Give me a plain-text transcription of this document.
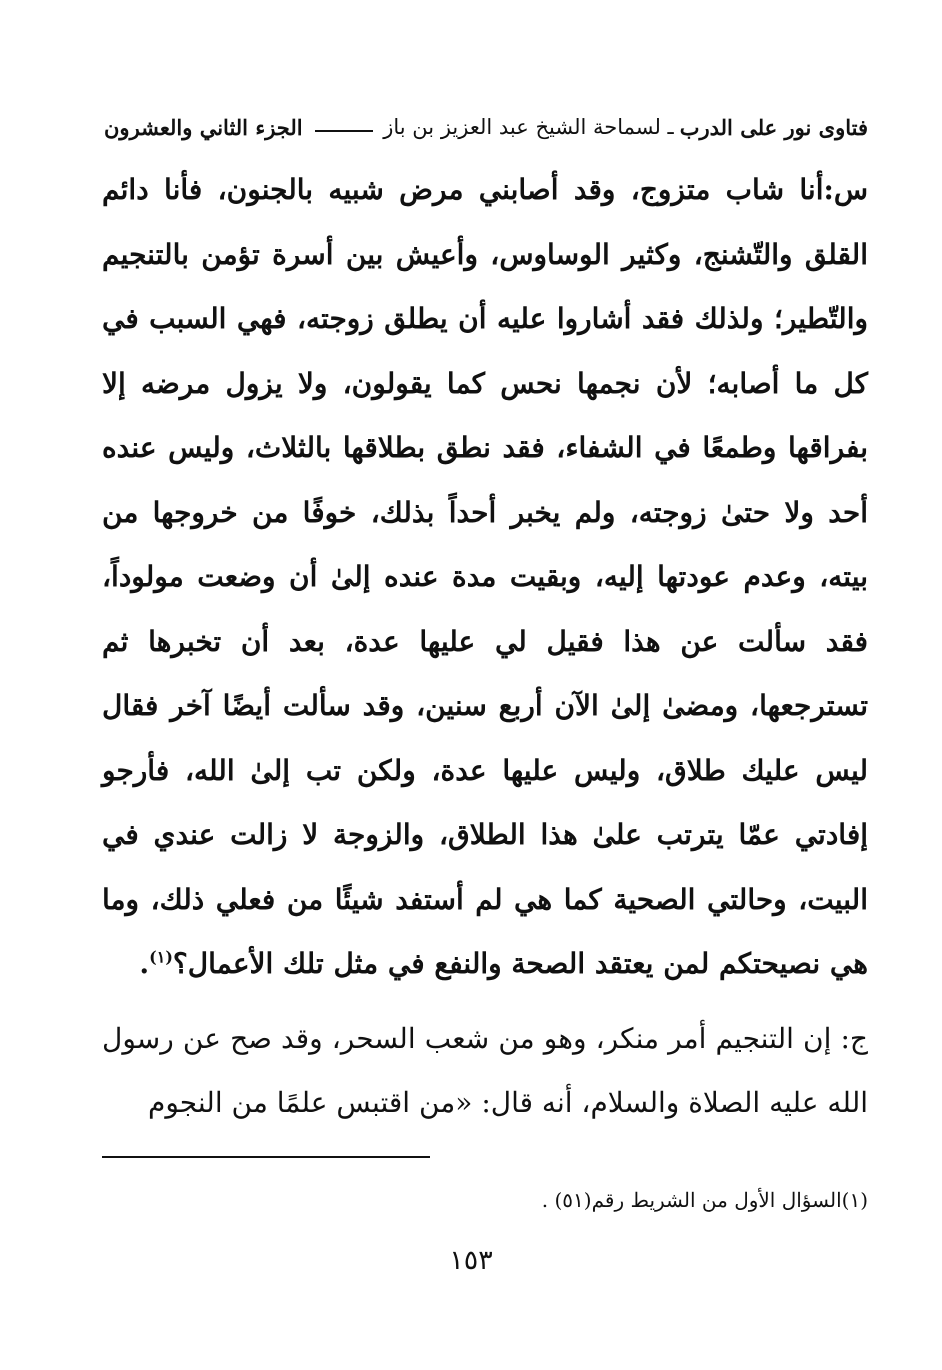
فتاوى نور على الدرب
ـ لسماحة الشيخ عبد العزيز بن باز
الجزء الثاني والعشرون

س:أنا شاب متزوج، وقد أصابني مرض شبيه بالجنون، فأنا دائم القلق والتّشنج، وكثير الوساوس، وأعيش بين أسرة تؤمن بالتنجيم والتّطير؛ ولذلك فقد أشاروا عليه أن يطلق زوجته، فهي السبب في كل ما أصابه؛ لأن نجمها نحس كما يقولون، ولا يزول مرضه إلا بفراقها وطمعًا في الشفاء، فقد نطق بطلاقها بالثلاث، وليس عنده أحد ولا حتىٰ زوجته، ولم يخبر أحداً بذلك، خوفًا من خروجها من بيته، وعدم عودتها إليه، وبقيت مدة عنده إلىٰ أن وضعت مولوداً، فقد سألت عن هذا فقيل لي عليها عدة، بعد أن تخبرها ثم تسترجعها، ومضىٰ إلىٰ الآن أربع سنين، وقد سألت أيضًا آخر فقال ليس عليك طلاق، وليس عليها عدة، ولكن تب إلىٰ الله، فأرجو إفادتي عمّا يترتب علىٰ هذا الطلاق، والزوجة لا زالت عندي في البيت، وحالتي الصحية كما هي لم أستفد شيئًا من فعلي ذلك، وما هي نصيحتكم لمن يعتقد الصحة والنفع في مثل تلك الأعمال؟$^{(١)}$.

ج: إن التنجيم أمر منكر، وهو من شعب السحر، وقد صح عن رسول الله عليه الصلاة والسلام، أنه قال: «من اقتبس علمًا من النجوم

(١)السؤال الأول من الشريط رقم(٥١) .
١٥٣
